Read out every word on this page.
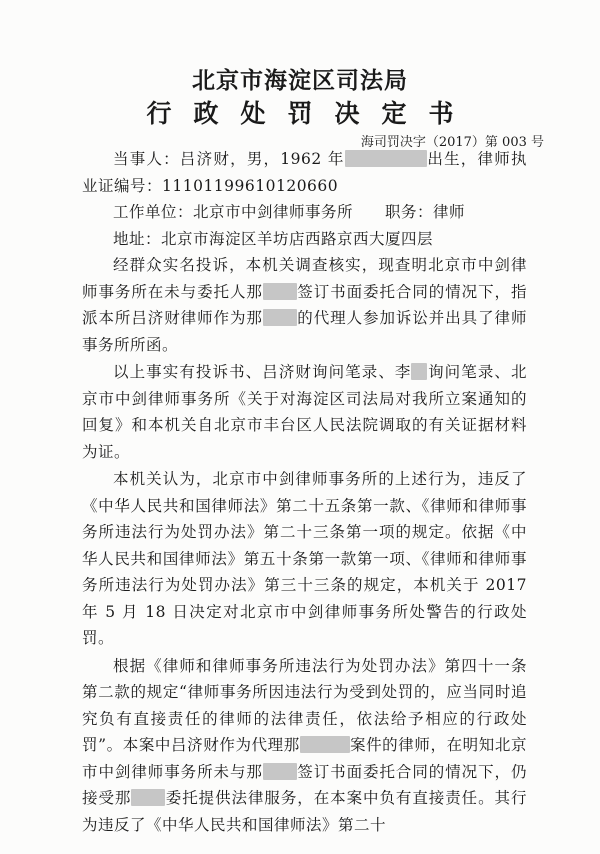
北京市海淀区司法局
行政处罚决定书
海司罚决字（2017）第 003 号

当事人：吕济财，男，1962 年	出生，律师执业证编号：11101199610120660

工作单位：北京市中剑律师事务所　　职务：律师

地址：北京市海淀区羊坊店西路京西大厦四层

经群众实名投诉，本机关调查核实，现查明北京市中剑律师事务所在未与委托人那 签订书面委托合同的情况下，指派本所吕济财律师作为那 的代理人参加诉讼并出具了律师事务所所函。

以上事实有投诉书、吕济财询问笔录、李 询问笔录、北京市中剑律师事务所《关于对海淀区司法局对我所立案通知的回复》和本机关自北京市丰台区人民法院调取的有关证据材料为证。

本机关认为，北京市中剑律师事务所的上述行为，违反了《中华人民共和国律师法》第二十五条第一款、《律师和律师事务所违法行为处罚办法》第二十三条第一项的规定。依据《中华人民共和国律师法》第五十条第一款第一项、《律师和律师事务所违法行为处罚办法》第三十三条的规定，本机关于 2017 年 5 月 18 日决定对北京市中剑律师事务所处警告的行政处罚。

根据《律师和律师事务所违法行为处罚办法》第四十一条第二款的规定“律师事务所因违法行为受到处罚的，应当同时追究负有直接责任的律师的法律责任，依法给予相应的行政处罚”。本案中吕济财作为代理那	案件的律师，在明知北京市中剑律师事务所未与那 签订书面委托合同的情况下，仍接受那 委托提供法律服务，在本案中负有直接责任。其行为违反了《中华人民共和国律师法》第二十
